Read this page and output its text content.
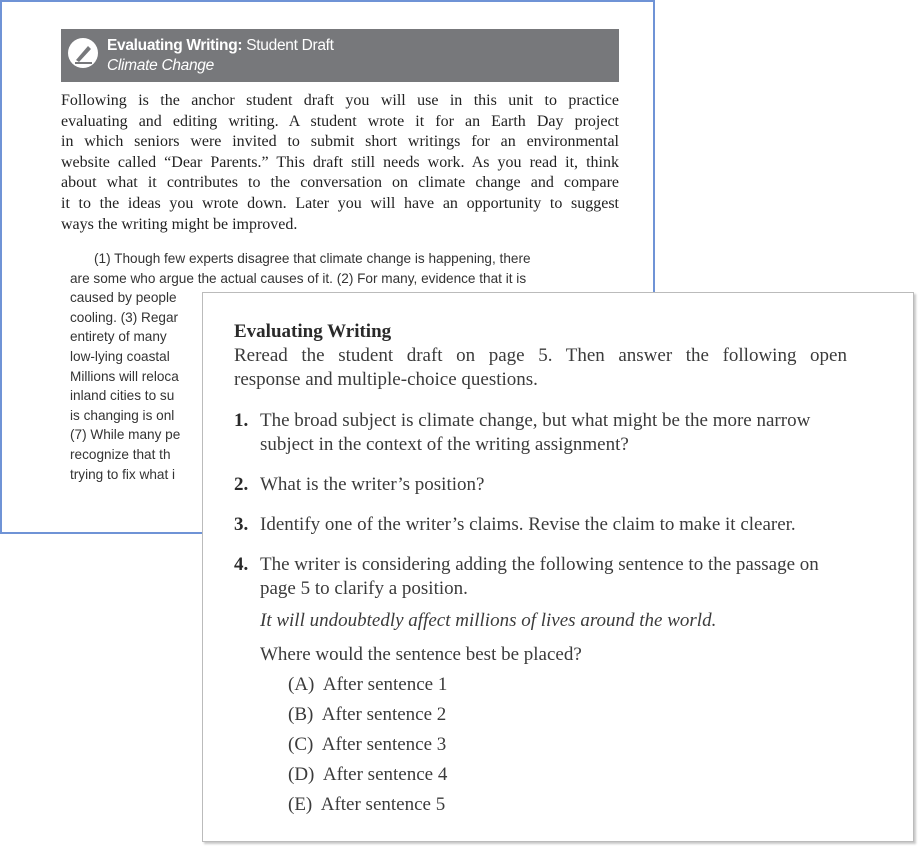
Evaluating Writing: Student Draft
Climate Change
Following is the anchor student draft you will use in this unit to practice
evaluating and editing writing. A student wrote it for an Earth Day project
in which seniors were invited to submit short writings for an environmental
website called “Dear Parents.” This draft still needs work. As you read it, think
about what it contributes to the conversation on climate change and compare
it to the ideas you wrote down. Later you will have an opportunity to suggest
ways the writing might be improved.
(1) Though few experts disagree that climate change is happening, there
are some who argue the actual causes of it. (2) For many, evidence that it is
caused by people
cooling. (3) Regar
entirety of many
low-lying coastal
Millions will reloca
inland cities to su
is changing is onl
(7) While many pe
recognize that th
trying to fix what i
Evaluating Writing
Reread the student draft on page 5. Then answer the following open
response and multiple-choice questions.
1. The broad subject is climate change, but what might be the more narrow
subject in the context of the writing assignment?
2. What is the writer’s position?
3. Identify one of the writer’s claims. Revise the claim to make it clearer.
4. The writer is considering adding the following sentence to the passage on
page 5 to clarify a position.
It will undoubtedly affect millions of lives around the world.
Where would the sentence best be placed?
(A) After sentence 1
(B) After sentence 2
(C) After sentence 3
(D) After sentence 4
(E) After sentence 5
